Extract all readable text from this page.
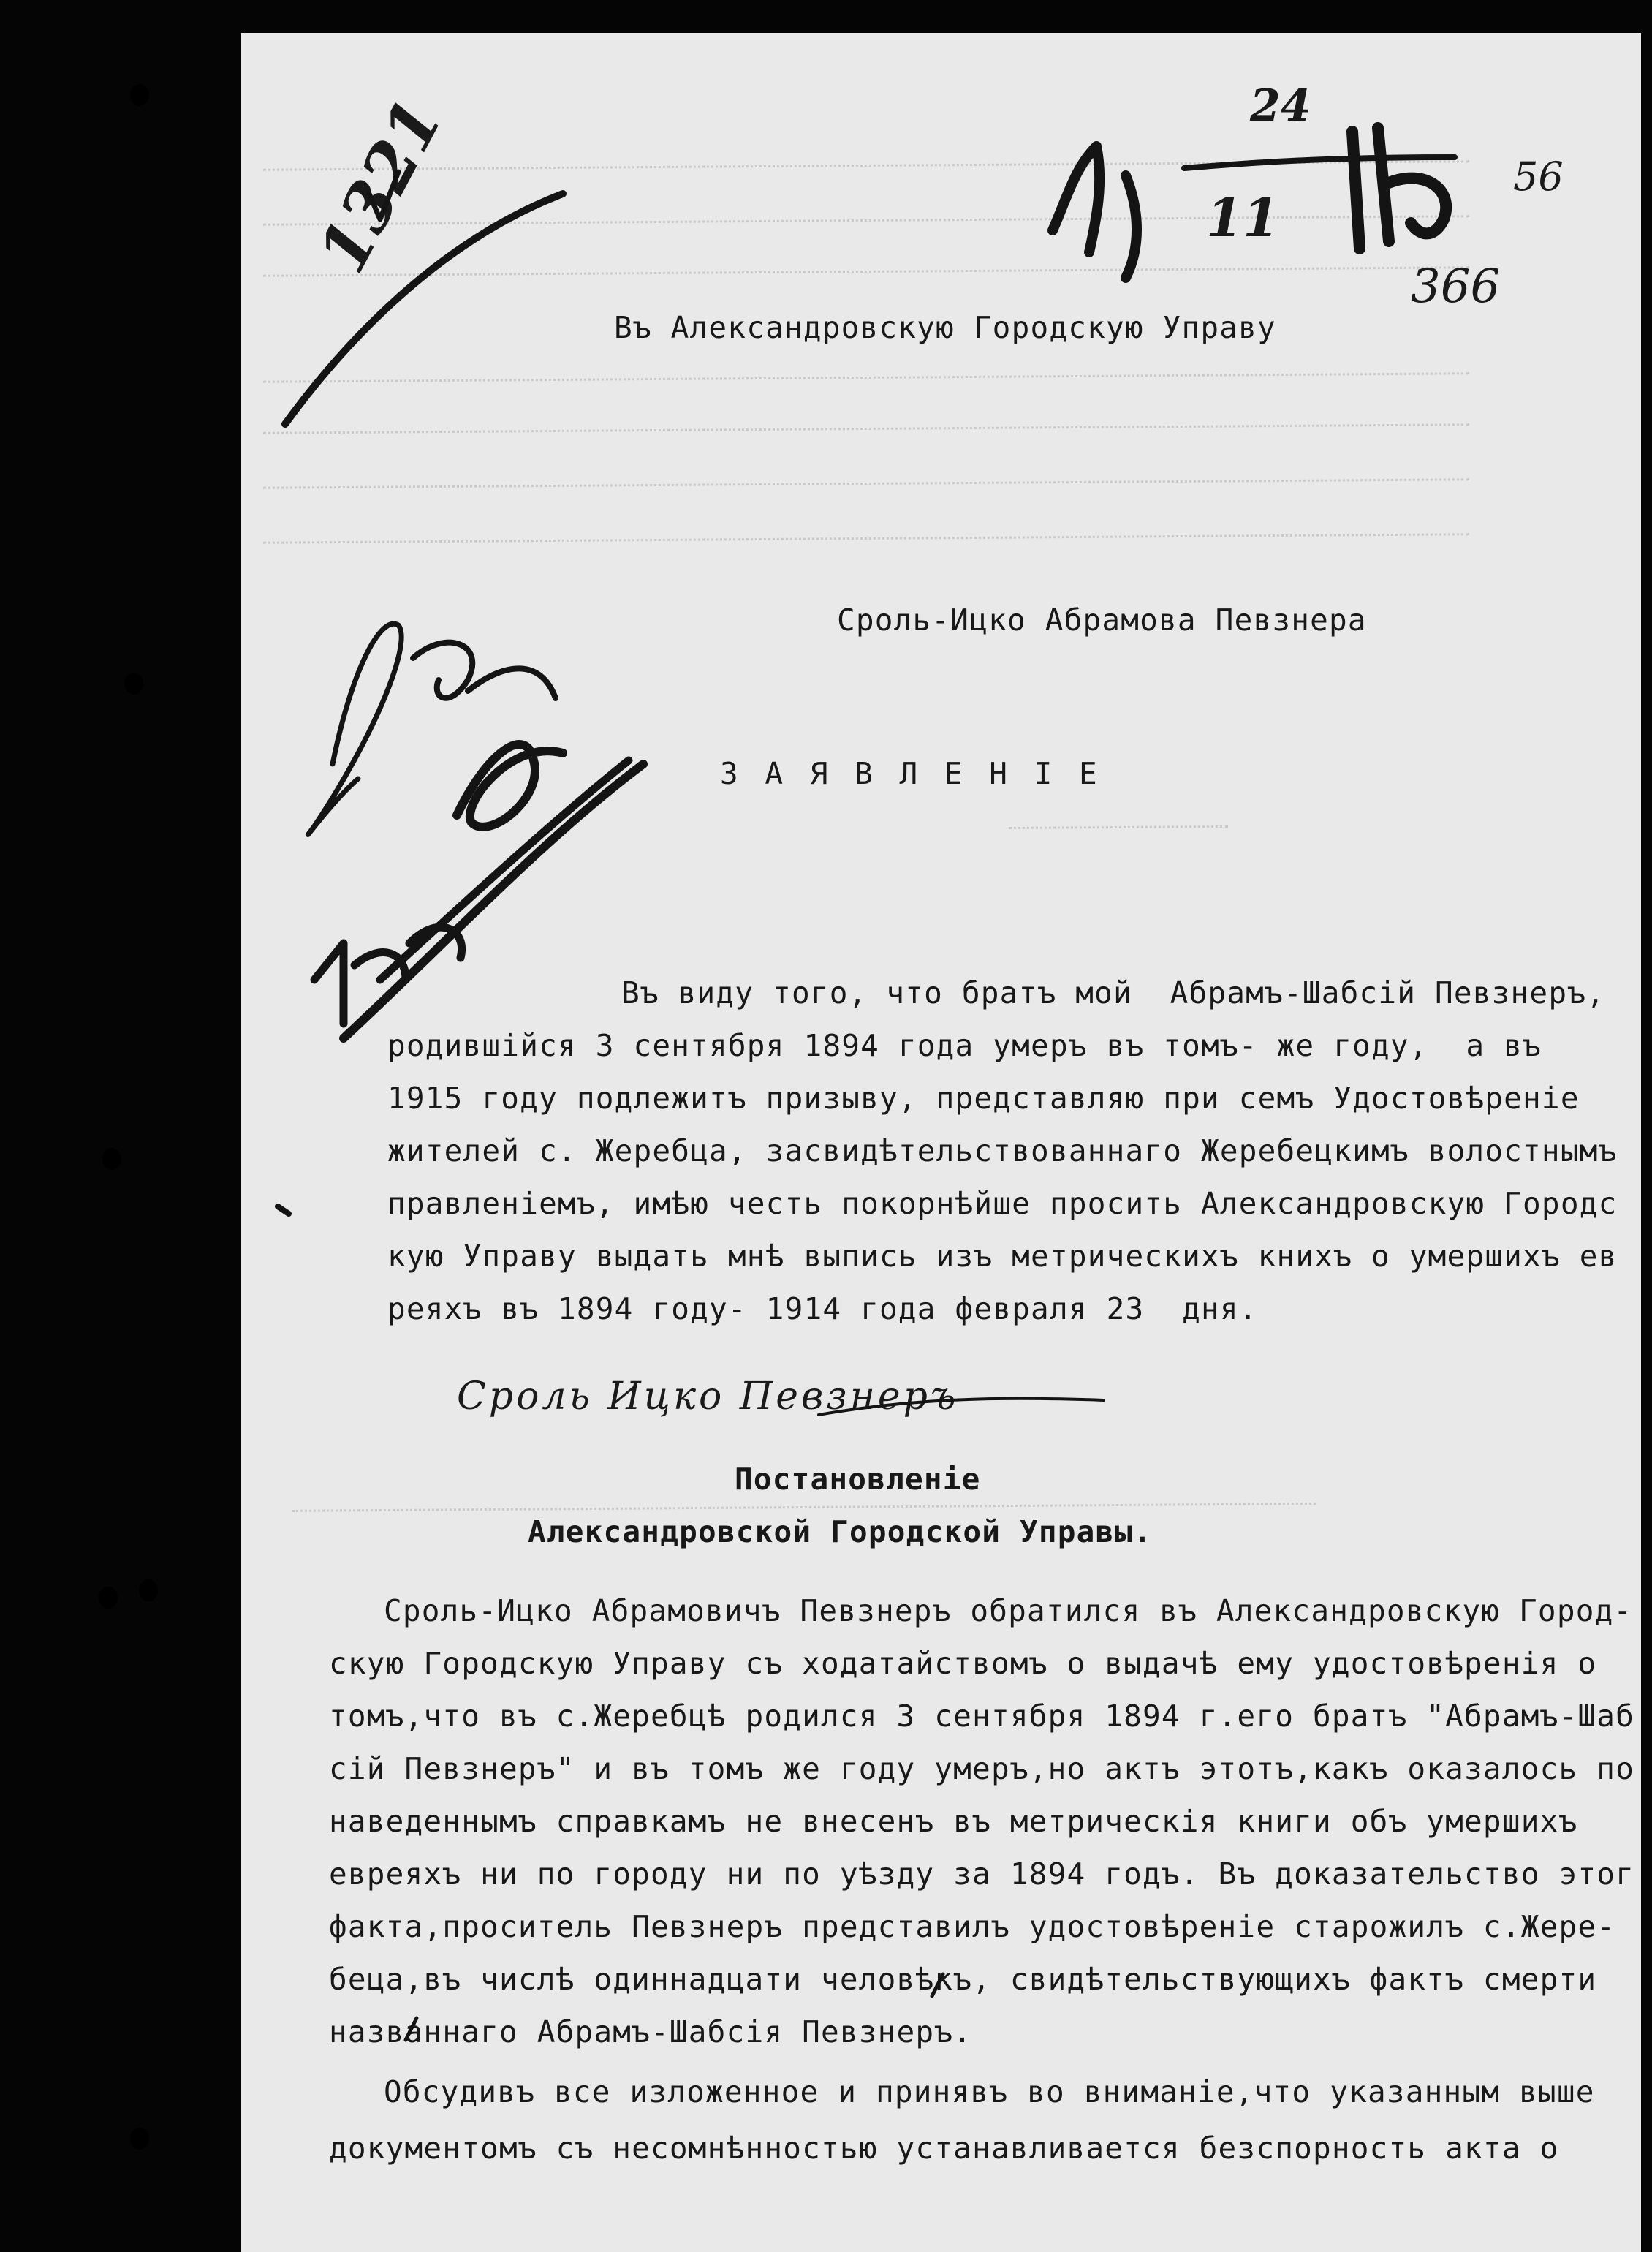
Въ Александровскую Городскую Управу
Сроль-Ицко Абрамова Певзнера
З А Я В Л Е Н І Е
Въ виду того, что братъ мой  Абрамъ-Шабсій Певзнеръ,
родившійся 3 сентября 1894 года умеръ въ томъ- же году,  а въ
1915 году подлежитъ призыву, представляю при семъ Удостовѣреніе
жителей с. Жеребца, засвидѣтельствованнаго Жеребецкимъ волостнымъ
правленіемъ, имѣю честь покорнѣйше просить Александровскую Городс
кую Управу выдать мнѣ выпись изъ метрическихъ книхъ о умершихъ ев
реяхъ въ 1894 году- 1914 года февраля 23  дня.
Сроль Ицко Певзнеръ
Постановленіе
Александровской Городской Управы.
Сроль-Ицко Абрамовичъ Певзнеръ обратился въ Александровскую Город-
скую Городскую Управу съ ходатайствомъ о выдачѣ ему удостовѣренія о
томъ,что въ с.Жеребцѣ родился 3 сентября 1894 г.его братъ "Абрамъ-Шаб
сій Певзнеръ" и въ томъ же году умеръ,но актъ этотъ,какъ оказалось по
наведеннымъ справкамъ не внесенъ въ метрическія книги объ умершихъ
евреяхъ ни по городу ни по уѣзду за 1894 годъ. Въ доказательство этог
факта,проситель Певзнеръ представилъ удостовѣреніе старожилъ с.Жере-
беца,въ числѣ одиннадцати человѣкъ, свидѣтельствующихъ фактъ смерти
названнаго Абрамъ-Шабсія Певзнеръ.
Обсудивъ все изложенное и принявъ во вниманіе,что указанным выше
документомъ съ несомнѣнностью устанавливается безспорность акта о
1321	24
11
56
366
